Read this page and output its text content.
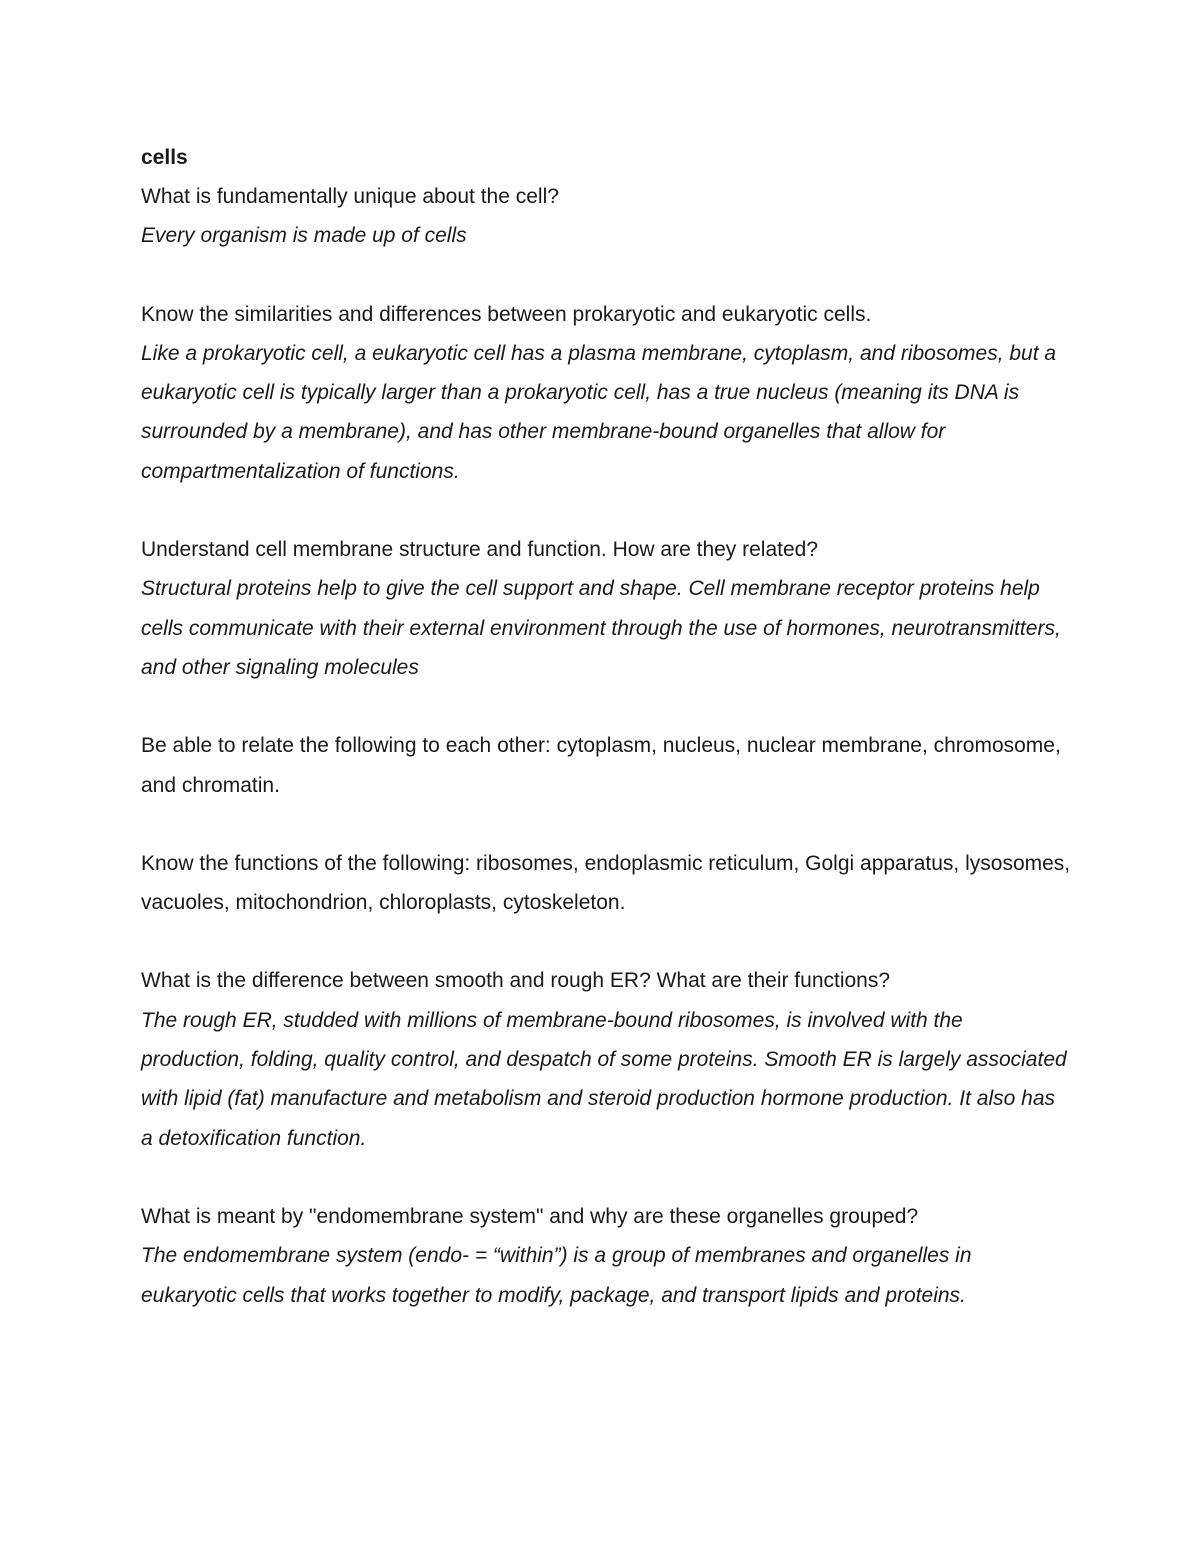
cells

What is fundamentally unique about the cell?

Every organism is made up of cells

Know the similarities and differences between prokaryotic and eukaryotic cells.

Like a prokaryotic cell, a eukaryotic cell has a plasma membrane, cytoplasm, and ribosomes, but a eukaryotic cell is typically larger than a prokaryotic cell, has a true nucleus (meaning its DNA is surrounded by a membrane), and has other membrane-bound organelles that allow for compartmentalization of functions.

Understand cell membrane structure and function. How are they related?

Structural proteins help to give the cell support and shape. Cell membrane receptor proteins help cells communicate with their external environment through the use of hormones, neurotransmitters, and other signaling molecules

Be able to relate the following to each other: cytoplasm, nucleus, nuclear membrane, chromosome, and chromatin.

Know the functions of the following: ribosomes, endoplasmic reticulum, Golgi apparatus, lysosomes, vacuoles, mitochondrion, chloroplasts, cytoskeleton.

What is the difference between smooth and rough ER? What are their functions?

The rough ER, studded with millions of membrane-bound ribosomes, is involved with the production, folding, quality control, and despatch of some proteins. Smooth ER is largely associated with lipid (fat) manufacture and metabolism and steroid production hormone production. It also has a detoxification function.

What is meant by "endomembrane system" and why are these organelles grouped?

The endomembrane system (endo- = “within”) is a group of membranes and organelles in eukaryotic cells that works together to modify, package, and transport lipids and proteins.
